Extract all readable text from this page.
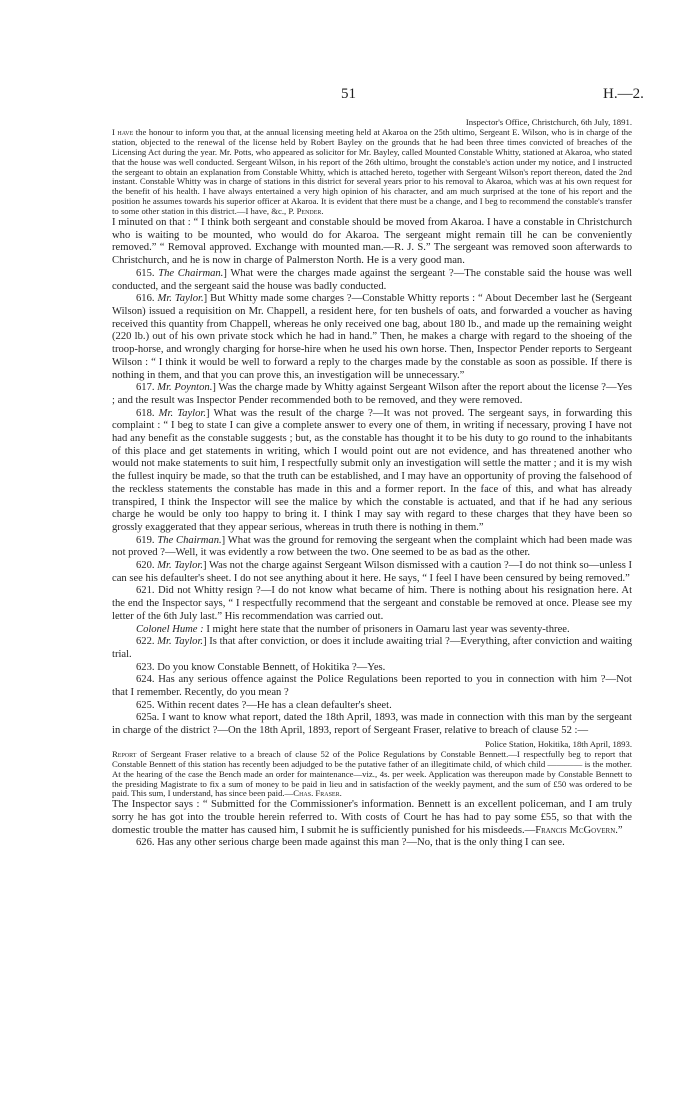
51	H.—2.

Inspector's Office, Christchurch, 6th July, 1891.

I have the honour to inform you that, at the annual licensing meeting held at Akaroa on the 25th ultimo, Sergeant E. Wilson, who is in charge of the station, objected to the renewal of the license held by Robert Bayley on the grounds that he had been three times convicted of breaches of the Licensing Act during the year. Mr. Potts, who appeared as solicitor for Mr. Bayley, called Mounted Constable Whitty, stationed at Akaroa, who stated that the house was well conducted. Sergeant Wilson, in his report of the 26th ultimo, brought the constable's action under my notice, and I instructed the sergeant to obtain an explanation from Constable Whitty, which is attached hereto, together with Sergeant Wilson's report thereon, dated the 2nd instant. Constable Whitty was in charge of stations in this district for several years prior to his removal to Akaroa, which was at his own request for the benefit of his health. I have always entertained a very high opinion of his character, and am much surprised at the tone of his report and the position he assumes towards his superior officer at Akaroa. It is evident that there must be a change, and I beg to recommend the constable's transfer to some other station in this district.—I have, &c., P. Pender.

I minuted on that : “ I think both sergeant and constable should be moved from Akaroa. I have a constable in Christchurch who is waiting to be mounted, who would do for Akaroa. The sergeant might remain till he can be conveniently removed.” “ Removal approved. Exchange with mounted man.—R. J. S.” The sergeant was removed soon afterwards to Christchurch, and he is now in charge of Palmerston North. He is a very good man.

615. The Chairman.] What were the charges made against the sergeant ?—The constable said the house was well conducted, and the sergeant said the house was badly conducted.

616. Mr. Taylor.] But Whitty made some charges ?—Constable Whitty reports : “ About December last he (Sergeant Wilson) issued a requisition on Mr. Chappell, a resident here, for ten bushels of oats, and forwarded a voucher as having received this quantity from Chappell, whereas he only received one bag, about 180 lb., and made up the remaining weight (220 lb.) out of his own private stock which he had in hand.” Then, he makes a charge with regard to the shoeing of the troop-horse, and wrongly charging for horse-hire when he used his own horse. Then, Inspector Pender reports to Sergeant Wilson : “ I think it would be well to forward a reply to the charges made by the constable as soon as possible. If there is nothing in them, and that you can prove this, an investigation will be unnecessary.”

617. Mr. Poynton.] Was the charge made by Whitty against Sergeant Wilson after the report about the license ?—Yes ; and the result was Inspector Pender recommended both to be removed, and they were removed.

618. Mr. Taylor.] What was the result of the charge ?—It was not proved. The sergeant says, in forwarding this complaint : “ I beg to state I can give a complete answer to every one of them, in writing if necessary, proving I have not had any benefit as the constable suggests ; but, as the constable has thought it to be his duty to go round to the inhabitants of this place and get statements in writing, which I would point out are not evidence, and has threatened another who would not make statements to suit him, I respectfully submit only an investigation will settle the matter ; and it is my wish the fullest inquiry be made, so that the truth can be established, and I may have an opportunity of proving the falsehood of the reckless statements the constable has made in this and a former report. In the face of this, and what has already transpired, I think the Inspector will see the malice by which the constable is actuated, and that if he had any serious charge he would be only too happy to bring it. I think I may say with regard to these charges that they have been so grossly exaggerated that they appear serious, whereas in truth there is nothing in them.”

619. The Chairman.] What was the ground for removing the sergeant when the complaint which had been made was not proved ?—Well, it was evidently a row between the two. One seemed to be as bad as the other.

620. Mr. Taylor.] Was not the charge against Sergeant Wilson dismissed with a caution ?—I do not think so—unless I can see his defaulter's sheet. I do not see anything about it here. He says, “ I feel I have been censured by being removed.”

621. Did not Whitty resign ?—I do not know what became of him. There is nothing about his resignation here. At the end the Inspector says, “ I respectfully recommend that the sergeant and constable be removed at once. Please see my letter of the 6th July last.” His recommendation was carried out.

Colonel Hume : I might here state that the number of prisoners in Oamaru last year was seventy-three.

622. Mr. Taylor.] Is that after conviction, or does it include awaiting trial ?—Everything, after conviction and waiting trial.

623. Do you know Constable Bennett, of Hokitika ?—Yes.

624. Has any serious offence against the Police Regulations been reported to you in connection with him ?—Not that I remember. Recently, do you mean ?

625. Within recent dates ?—He has a clean defaulter's sheet.

625a. I want to know what report, dated the 18th April, 1893, was made in connection with this man by the sergeant in charge of the district ?—On the 18th April, 1893, report of Sergeant Fraser, relative to breach of clause 52 :—

Police Station, Hokitika, 18th April, 1893.

Report of Sergeant Fraser relative to a breach of clause 52 of the Police Regulations by Constable Bennett.—I respectfully beg to report that Constable Bennett of this station has recently been adjudged to be the putative father of an illegitimate child, of which child ———— is the mother. At the hearing of the case the Bench made an order for maintenance—viz., 4s. per week. Application was thereupon made by Constable Bennett to the presiding Magistrate to fix a sum of money to be paid in lieu and in satisfaction of the weekly payment, and the sum of £50 was ordered to be paid. This sum, I understand, has since been paid.—Chas. Fraser.

The Inspector says : “ Submitted for the Commissioner's information. Bennett is an excellent policeman, and I am truly sorry he has got into the trouble herein referred to. With costs of Court he has had to pay some £55, so that with the domestic trouble the matter has caused him, I submit he is sufficiently punished for his misdeeds.—Francis McGovern.”

626. Has any other serious charge been made against this man ?—No, that is the only thing I can see.
